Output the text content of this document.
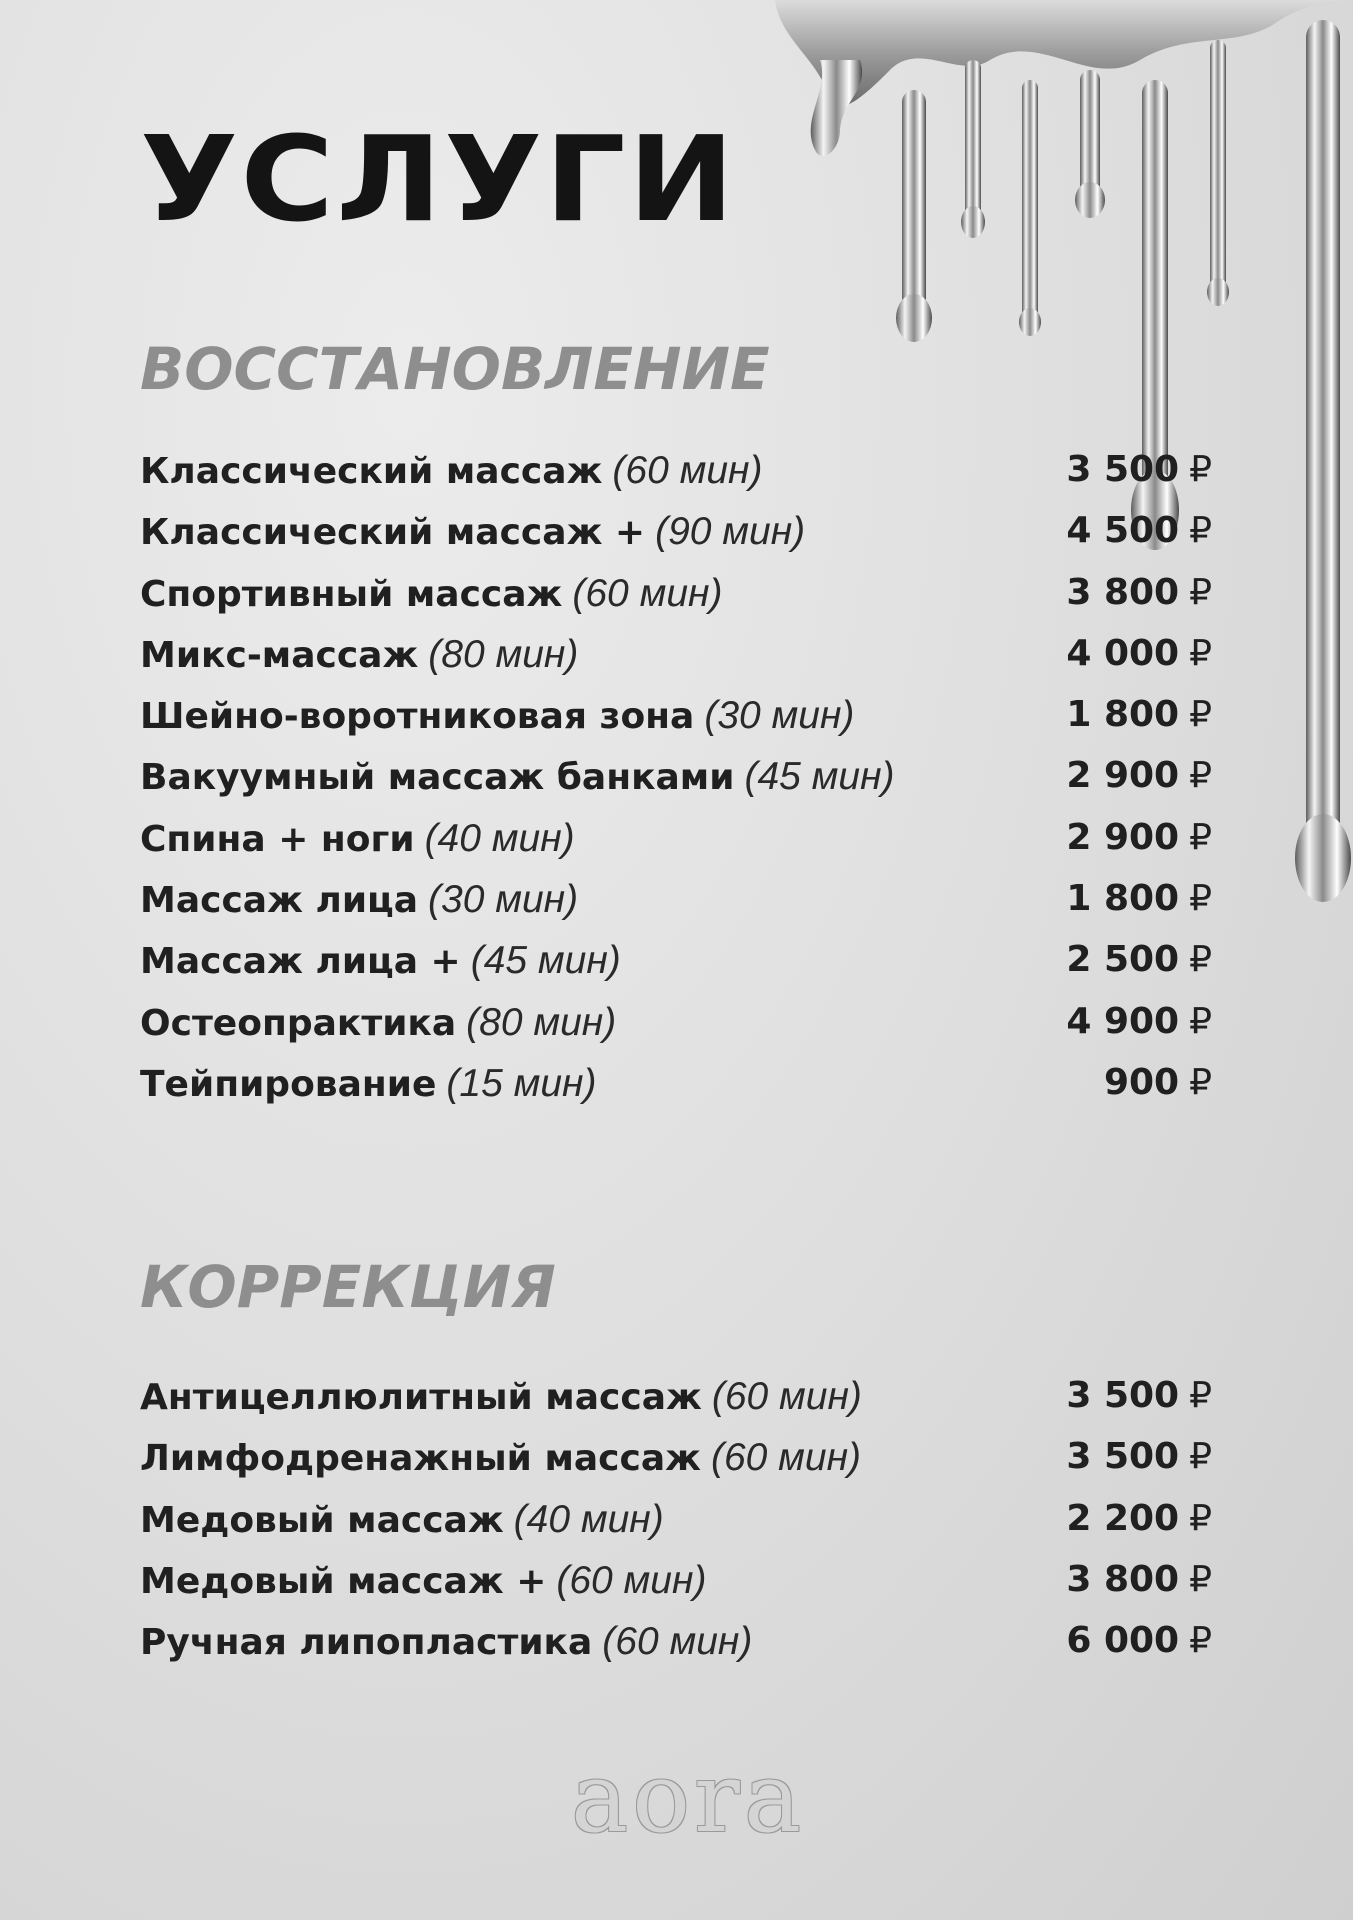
УСЛУГИ
ВОССТАНОВЛЕНИЕ
Классический массаж (60 мин)	3 500 ₽
Классический массаж + (90 мин)	4 500 ₽
Спортивный массаж (60 мин)	3 800 ₽
Микс-массаж (80 мин)	4 000 ₽
Шейно-воротниковая зона (30 мин)	1 800 ₽
Вакуумный массаж банками (45 мин)	2 900 ₽
Спина + ноги (40 мин)	2 900 ₽
Массаж лица (30 мин)	1 800 ₽
Массаж лица + (45 мин)	2 500 ₽
Остеопрактика (80 мин)	4 900 ₽
Тейпирование (15 мин)	900 ₽
КОРРЕКЦИЯ
Антицеллюлитный массаж (60 мин)	3 500 ₽
Лимфодренажный массаж (60 мин)	3 500 ₽
Медовый массаж (40 мин)	2 200 ₽
Медовый массаж + (60 мин)	3 800 ₽
Ручная липопластика (60 мин)	6 000 ₽
aora
